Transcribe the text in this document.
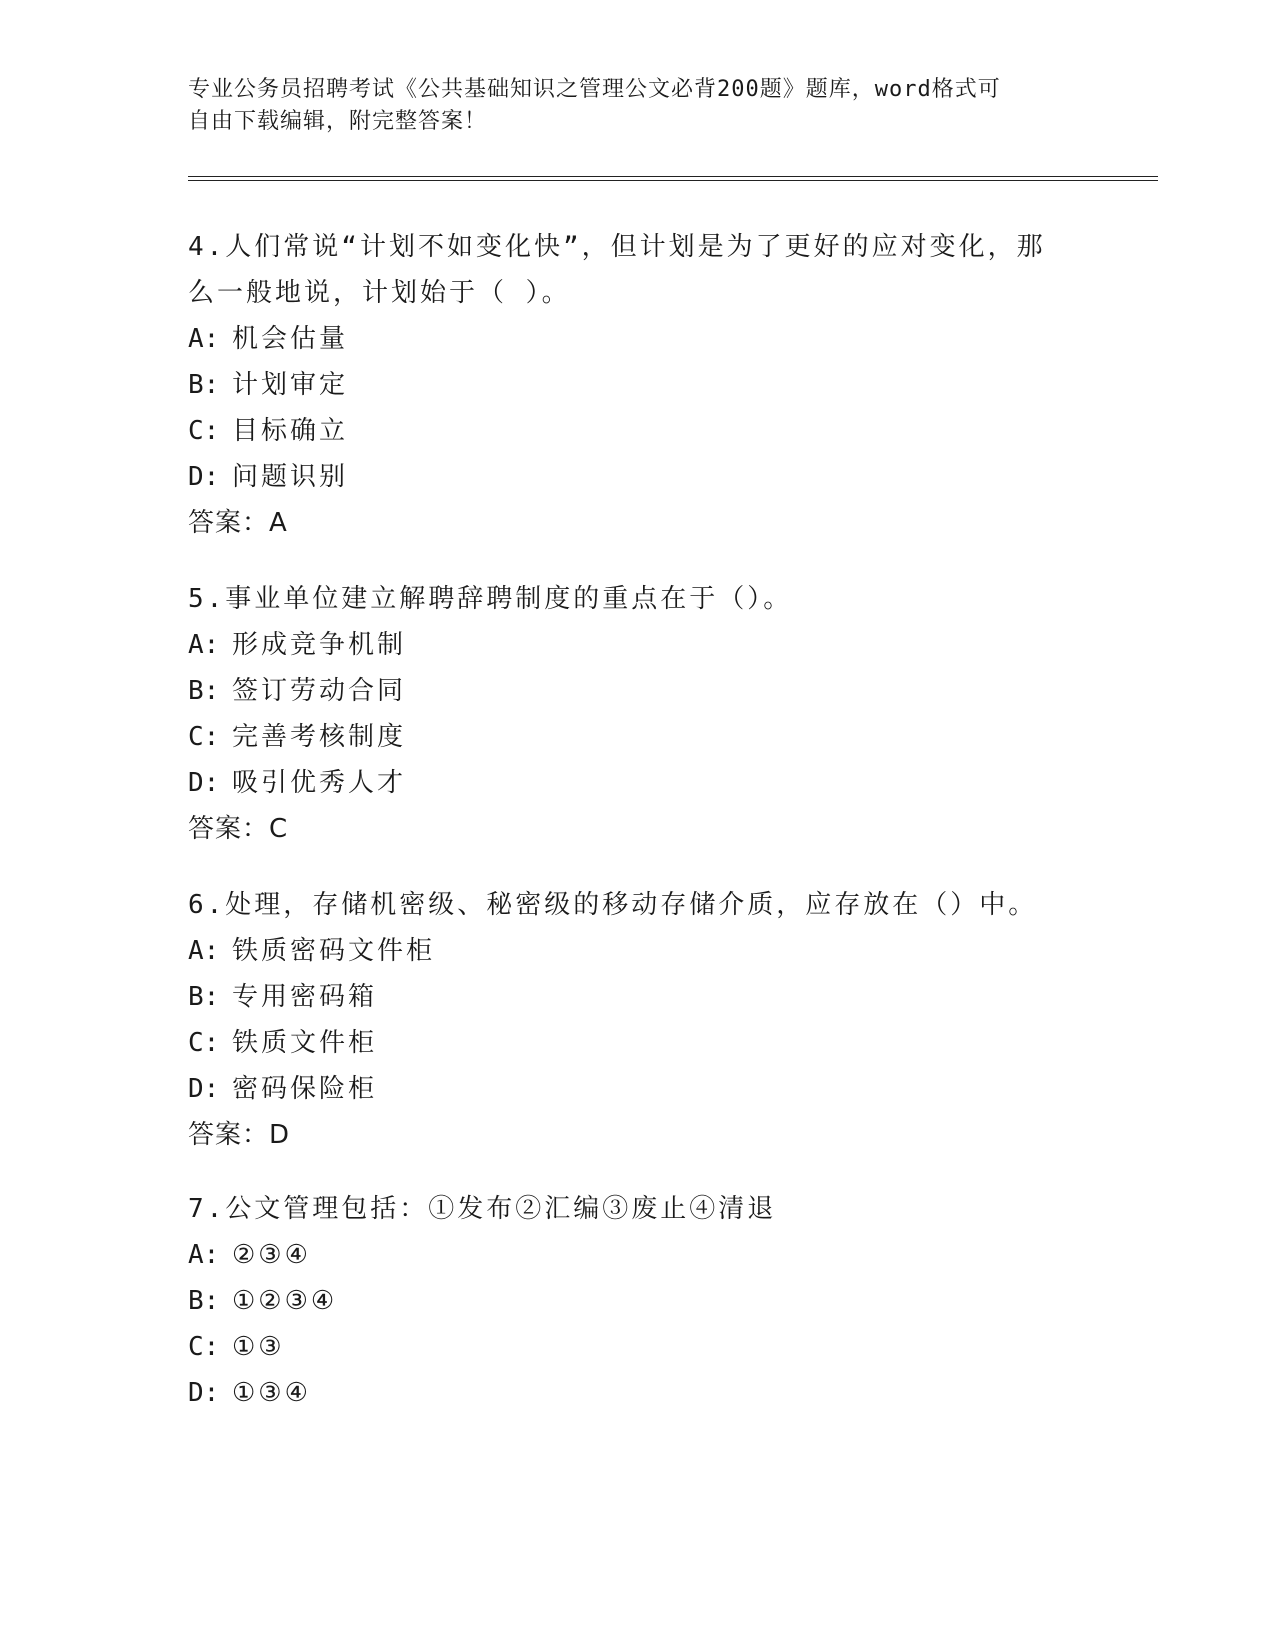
专业公务员招聘考试《公共基础知识之管理公文必背200题》题库，word格式可
自由下载编辑，附完整答案！

4.人们常说“计划不如变化快”，但计划是为了更好的应对变化，那

么一般地说，计划始于（ ）。

A: 机会估量

B: 计划审定

C: 目标确立

D: 问题识别

答案：A

5.事业单位建立解聘辞聘制度的重点在于（）。

A: 形成竞争机制

B: 签订劳动合同

C: 完善考核制度

D: 吸引优秀人才

答案：C

6.处理，存储机密级、秘密级的移动存储介质，应存放在（）中。

A: 铁质密码文件柜

B: 专用密码箱

C: 铁质文件柜

D: 密码保险柜

答案：D

7.公文管理包括：①发布②汇编③废止④清退

A: ②③④

B: ①②③④

C: ①③

D: ①③④
